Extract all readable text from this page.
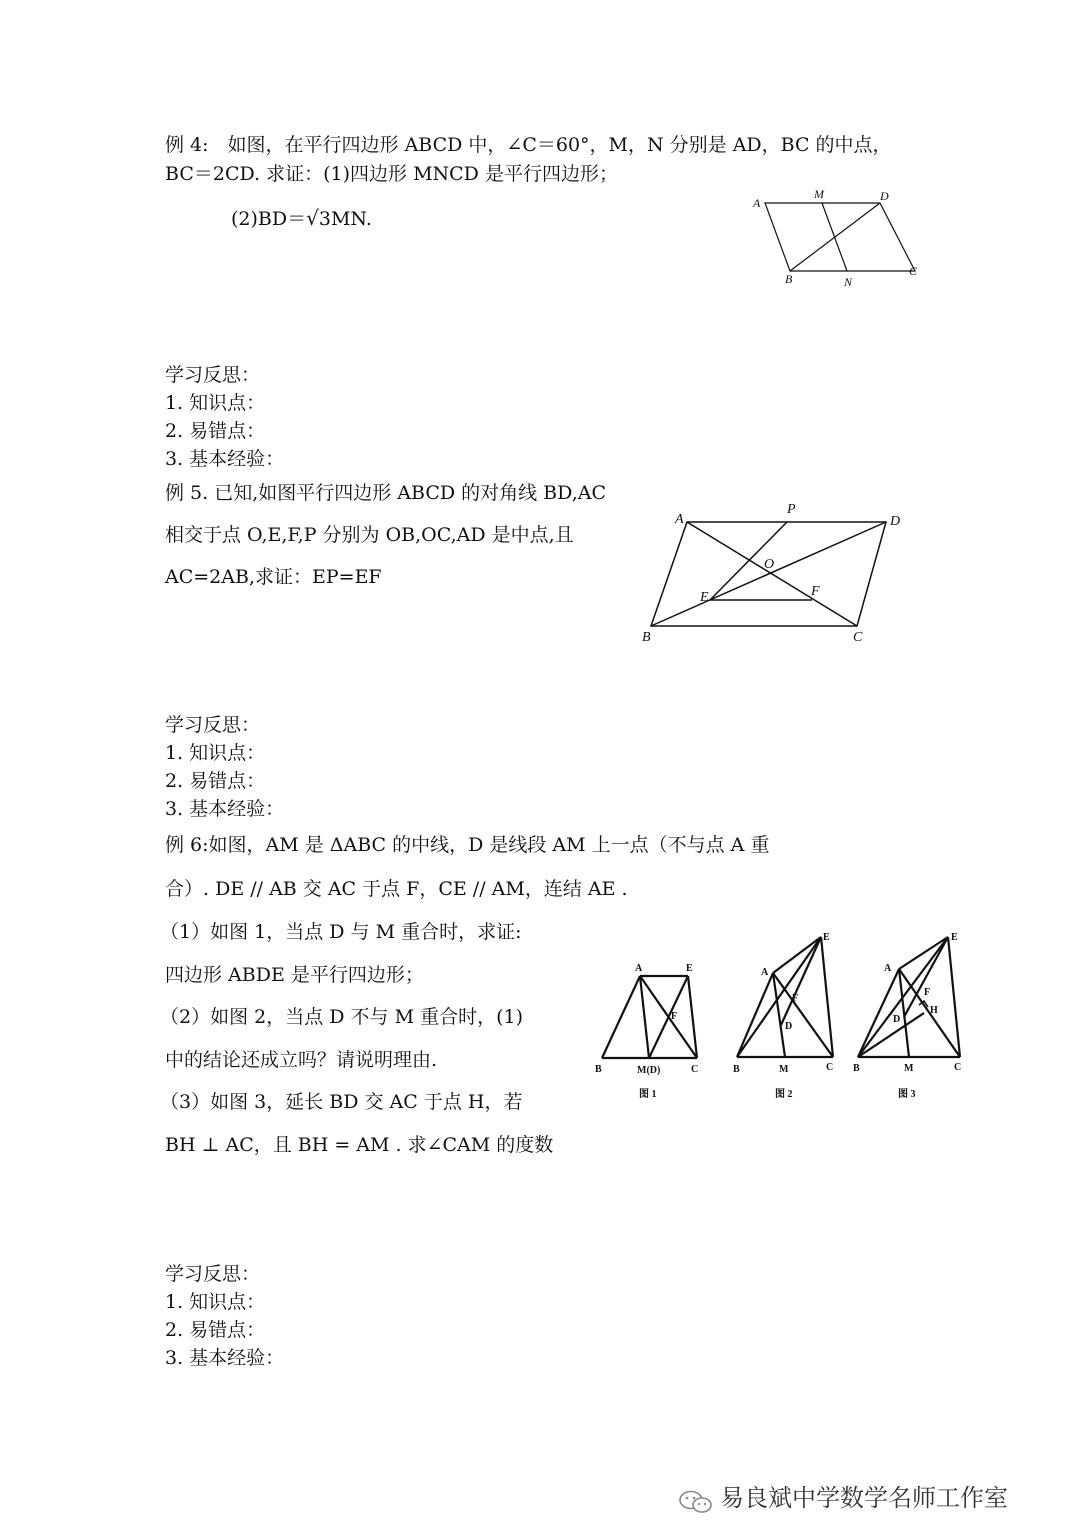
例 4:　如图，在平行四边形 ABCD 中，∠C＝60°，M，N 分别是 AD，BC 的中点，
BC＝2CD. 求证：(1)四边形 MNCD 是平行四边形；
(2)BD＝√3MN.
A
M	D
B	N
C
学习反思：
1. 知识点：
2. 易错点：
3. 基本经验：
例 5. 已知,如图平行四边形 ABCD 的对角线 BD,AC
相交于点 O,E,F,P 分别为 OB,OC,AD 是中点,且
AC=2AB,求证：EP=EF
A
P
D
O
E	F
B	C
学习反思：
1. 知识点：
2. 易错点：
3. 基本经验：
例 6:如图，AM 是 ΔABC 的中线，D 是线段 AM 上一点（不与点 A 重
合）. DE // AB 交 AC 于点 F，CE // AM，连结 AE .
（1）如图 1，当点 D 与 M 重合时，求证:
四边形 ABDE 是平行四边形；
（2）如图 2，当点 D 不与 M 重合时，(1)
中的结论还成立吗？请说明理由.
（3）如图 3，延长 BD 交 AC 于点 H，若
BH ⊥ AC，且 BH = AM . 求∠CAM 的度数
A	E
F
B	M(D)	C
图 1
E
A
F
D
B	M	C
图 2
E
A
F
D
H
B	M	C
图 3
学习反思：
1. 知识点：
2. 易错点：
3. 基本经验：
易良斌中学数学名师工作室
